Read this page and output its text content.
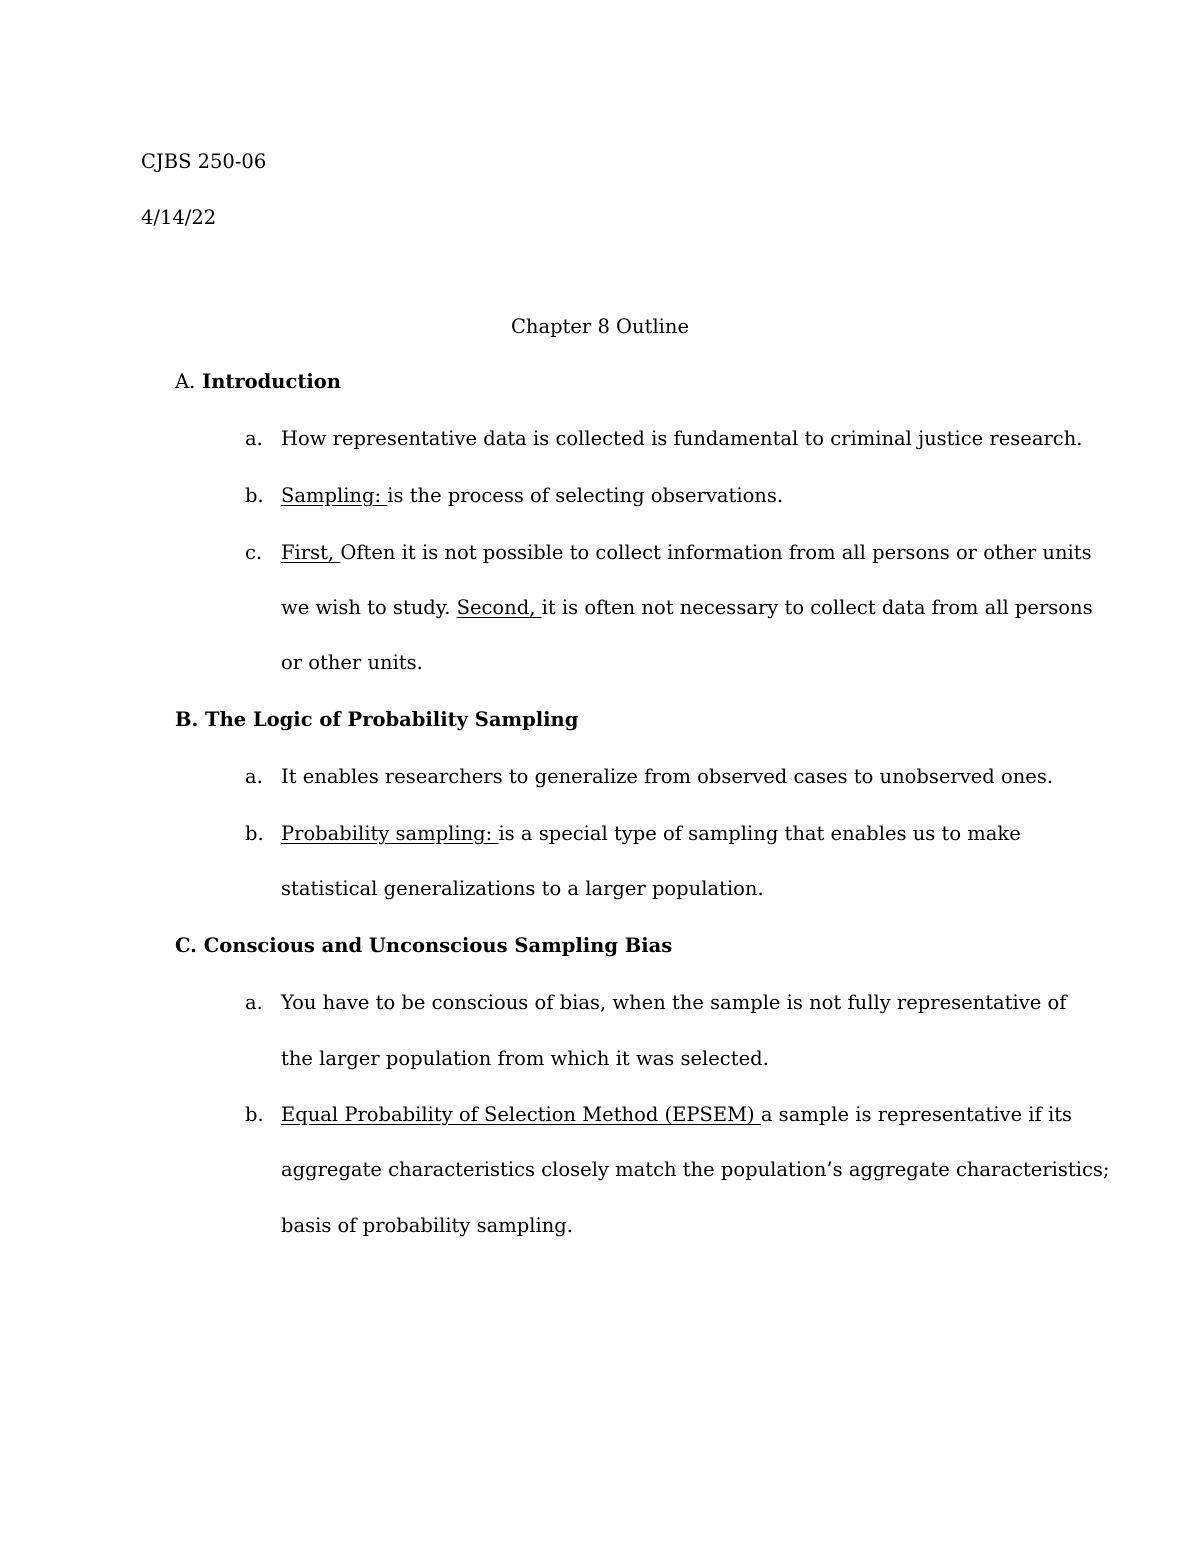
CJBS 250-06
4/14/22
Chapter 8 Outline
A. Introduction
a. How representative data is collected is fundamental to criminal justice research.
b. Sampling: is the process of selecting observations.
c. First, Often it is not possible to collect information from all persons or other units
we wish to study. Second, it is often not necessary to collect data from all persons
or other units.
B. The Logic of Probability Sampling
a. It enables researchers to generalize from observed cases to unobserved ones.
b. Probability sampling: is a special type of sampling that enables us to make
statistical generalizations to a larger population.
C. Conscious and Unconscious Sampling Bias
a. You have to be conscious of bias, when the sample is not fully representative of
the larger population from which it was selected.
b. Equal Probability of Selection Method (EPSEM) a sample is representative if its
aggregate characteristics closely match the population’s aggregate characteristics;
basis of probability sampling.
